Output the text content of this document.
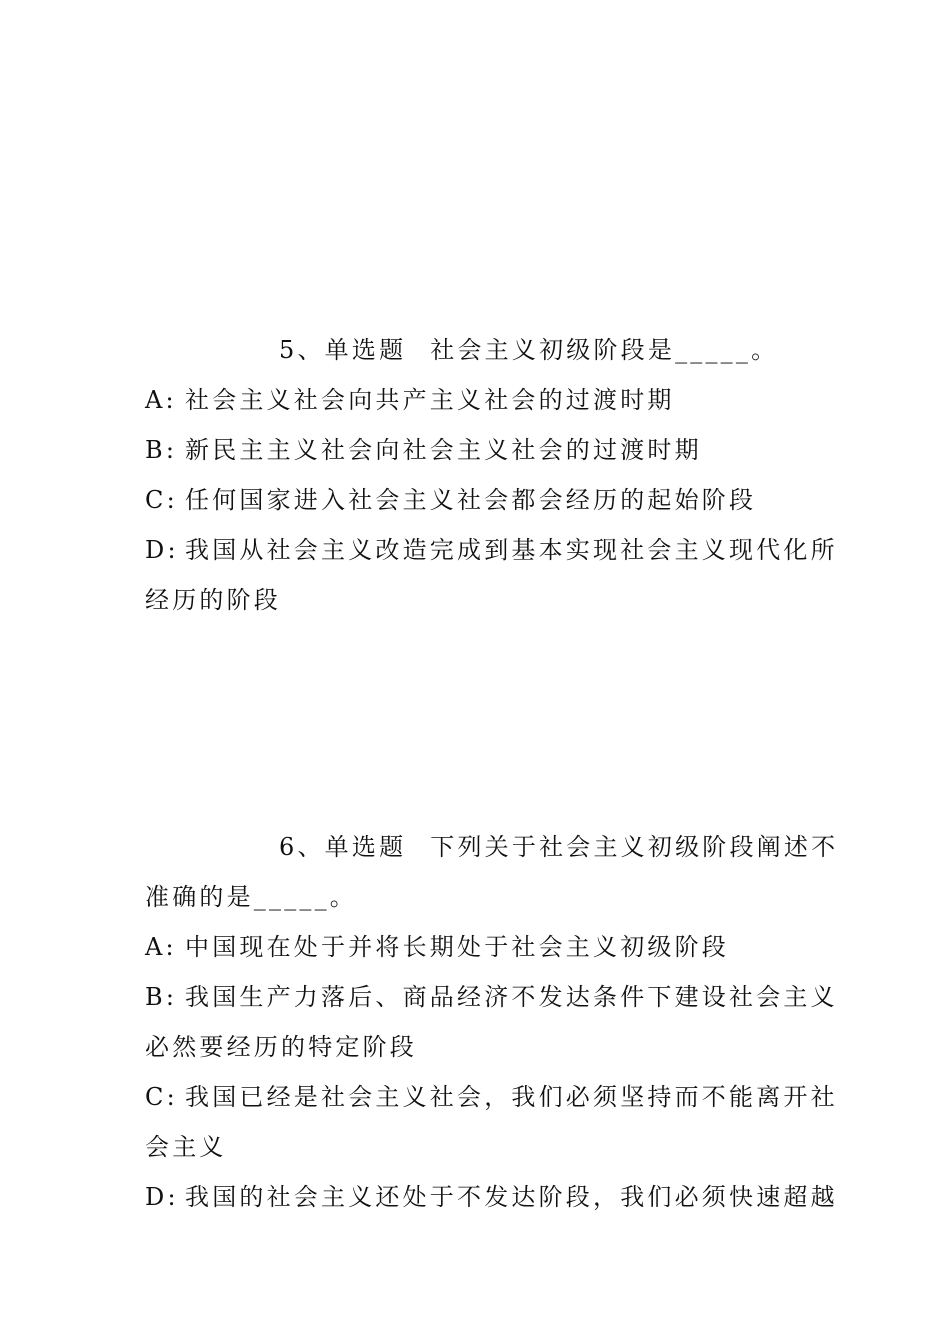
5、单选题 社会主义初级阶段是_____。
A: 社会主义社会向共产主义社会的过渡时期
B: 新民主主义社会向社会主义社会的过渡时期
C: 任何国家进入社会主义社会都会经历的起始阶段
D: 我国从社会主义改造完成到基本实现社会主义现代化所
经历的阶段
6、单选题 下列关于社会主义初级阶段阐述不
准确的是_____。
A: 中国现在处于并将长期处于社会主义初级阶段
B: 我国生产力落后、商品经济不发达条件下建设社会主义
必然要经历的特定阶段
C: 我国已经是社会主义社会，我们必须坚持而不能离开社
会主义
D: 我国的社会主义还处于不发达阶段，我们必须快速超越
